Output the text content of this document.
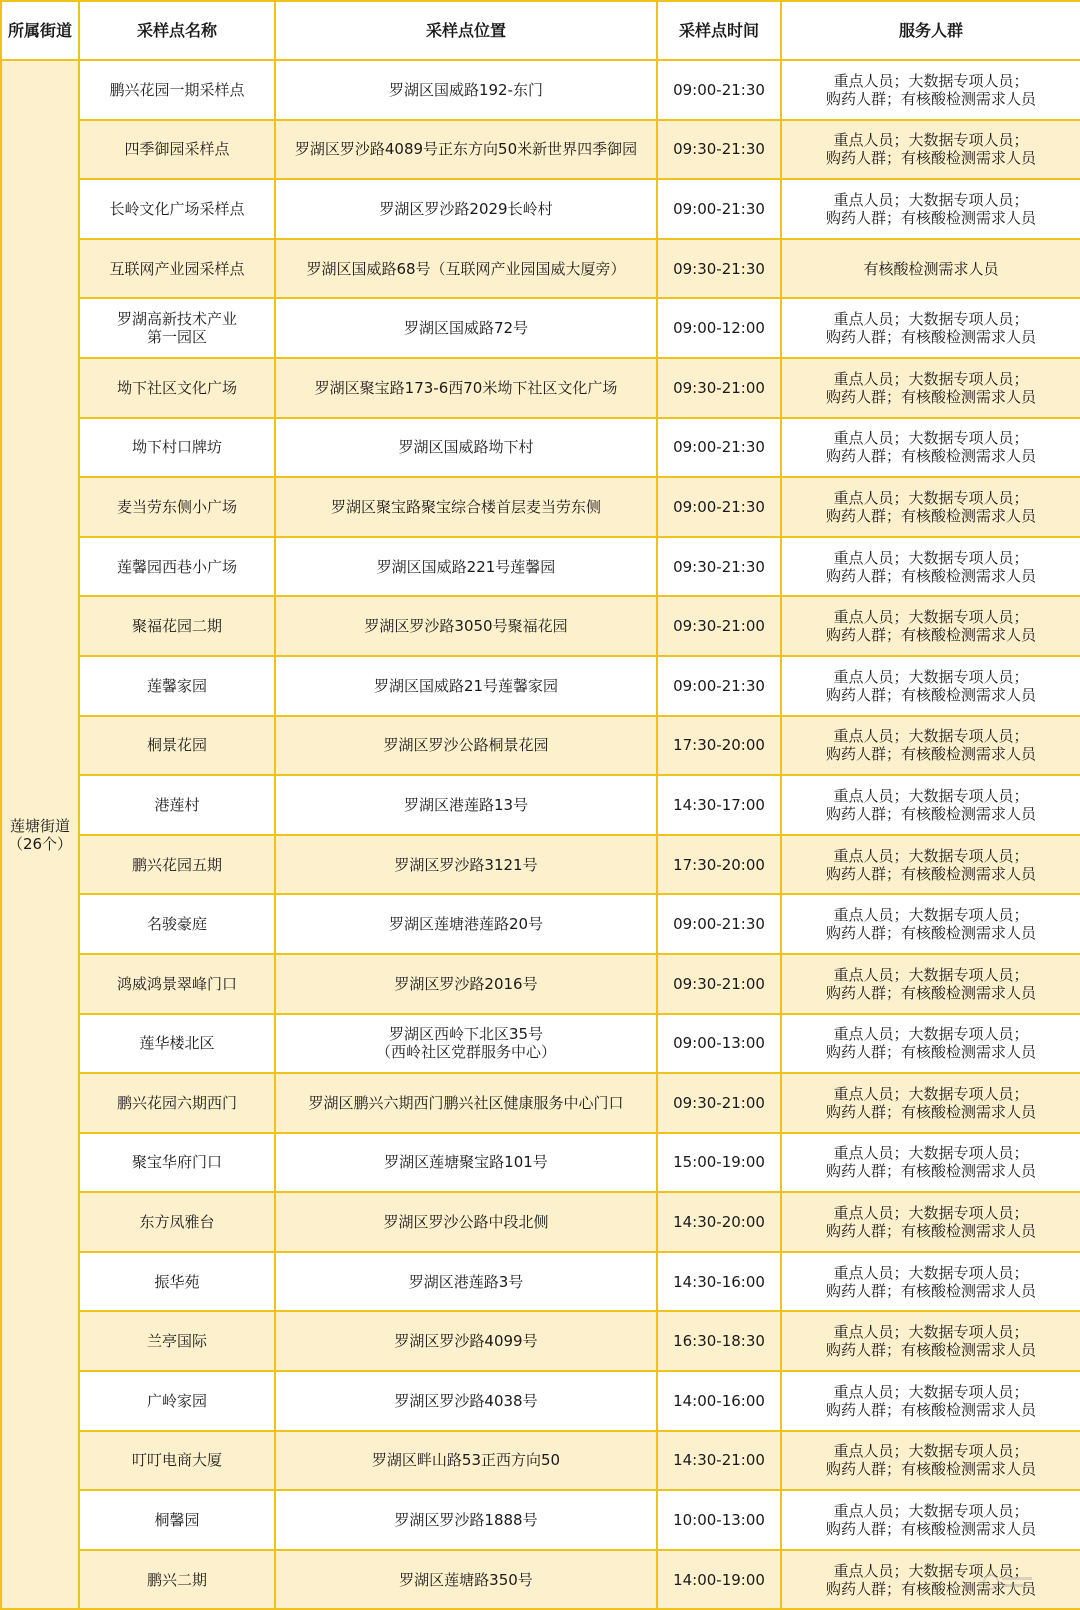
所属街道	采样点名称	采样点位置	采样点时间	服务人群

莲塘街道
（26个）	鹏兴花园一期采样点	罗湖区国威路192-东门	09:00-21:30	重点人员；大数据专项人员；
购药人群；有核酸检测需求人员

	四季御园采样点	罗湖区罗沙路4089号正东方向50米新世界四季御园	09:30-21:30	重点人员；大数据专项人员；
购药人群；有核酸检测需求人员

	长岭文化广场采样点	罗湖区罗沙路2029长岭村	09:00-21:30	重点人员；大数据专项人员；
购药人群；有核酸检测需求人员

	互联网产业园采样点	罗湖区国威路68号（互联网产业园国威大厦旁）	09:30-21:30	有核酸检测需求人员

	罗湖高新技术产业
第一园区	罗湖区国威路72号	09:00-12:00	重点人员；大数据专项人员；
购药人群；有核酸检测需求人员

	坳下社区文化广场	罗湖区聚宝路173-6西70米坳下社区文化广场	09:30-21:00	重点人员；大数据专项人员；
购药人群；有核酸检测需求人员

	坳下村口牌坊	罗湖区国威路坳下村	09:00-21:30	重点人员；大数据专项人员；
购药人群；有核酸检测需求人员

	麦当劳东侧小广场	罗湖区聚宝路聚宝综合楼首层麦当劳东侧	09:00-21:30	重点人员；大数据专项人员；
购药人群；有核酸检测需求人员

	莲馨园西巷小广场	罗湖区国威路221号莲馨园	09:30-21:30	重点人员；大数据专项人员；
购药人群；有核酸检测需求人员

	聚福花园二期	罗湖区罗沙路3050号聚福花园	09:30-21:00	重点人员；大数据专项人员；
购药人群；有核酸检测需求人员

	莲馨家园	罗湖区国威路21号莲馨家园	09:00-21:30	重点人员；大数据专项人员；
购药人群；有核酸检测需求人员

	桐景花园	罗湖区罗沙公路桐景花园	17:30-20:00	重点人员；大数据专项人员；
购药人群；有核酸检测需求人员

	港莲村	罗湖区港莲路13号	14:30-17:00	重点人员；大数据专项人员；
购药人群；有核酸检测需求人员

	鹏兴花园五期	罗湖区罗沙路3121号	17:30-20:00	重点人员；大数据专项人员；
购药人群；有核酸检测需求人员

	名骏豪庭	罗湖区莲塘港莲路20号	09:00-21:30	重点人员；大数据专项人员；
购药人群；有核酸检测需求人员

	鸿威鸿景翠峰门口	罗湖区罗沙路2016号	09:30-21:00	重点人员；大数据专项人员；
购药人群；有核酸检测需求人员

	莲华楼北区	罗湖区西岭下北区35号
（西岭社区党群服务中心）	09:00-13:00	重点人员；大数据专项人员；
购药人群；有核酸检测需求人员

	鹏兴花园六期西门	罗湖区鹏兴六期西门鹏兴社区健康服务中心门口	09:30-21:00	重点人员；大数据专项人员；
购药人群；有核酸检测需求人员

	聚宝华府门口	罗湖区莲塘聚宝路101号	15:00-19:00	重点人员；大数据专项人员；
购药人群；有核酸检测需求人员

	东方凤雅台	罗湖区罗沙公路中段北侧	14:30-20:00	重点人员；大数据专项人员；
购药人群；有核酸检测需求人员

	振华苑	罗湖区港莲路3号	14:30-16:00	重点人员；大数据专项人员；
购药人群；有核酸检测需求人员

	兰亭国际	罗湖区罗沙路4099号	16:30-18:30	重点人员；大数据专项人员；
购药人群；有核酸检测需求人员

	广岭家园	罗湖区罗沙路4038号	14:00-16:00	重点人员；大数据专项人员；
购药人群；有核酸检测需求人员

	叮叮电商大厦	罗湖区畔山路53正西方向50	14:30-21:00	重点人员；大数据专项人员；
购药人群；有核酸检测需求人员

	桐馨园	罗湖区罗沙路1888号	10:00-13:00	重点人员；大数据专项人员；
购药人群；有核酸检测需求人员

	鹏兴二期	罗湖区莲塘路350号	14:00-19:00	重点人员；大数据专项人员；
购药人群；有核酸检测需求人员
